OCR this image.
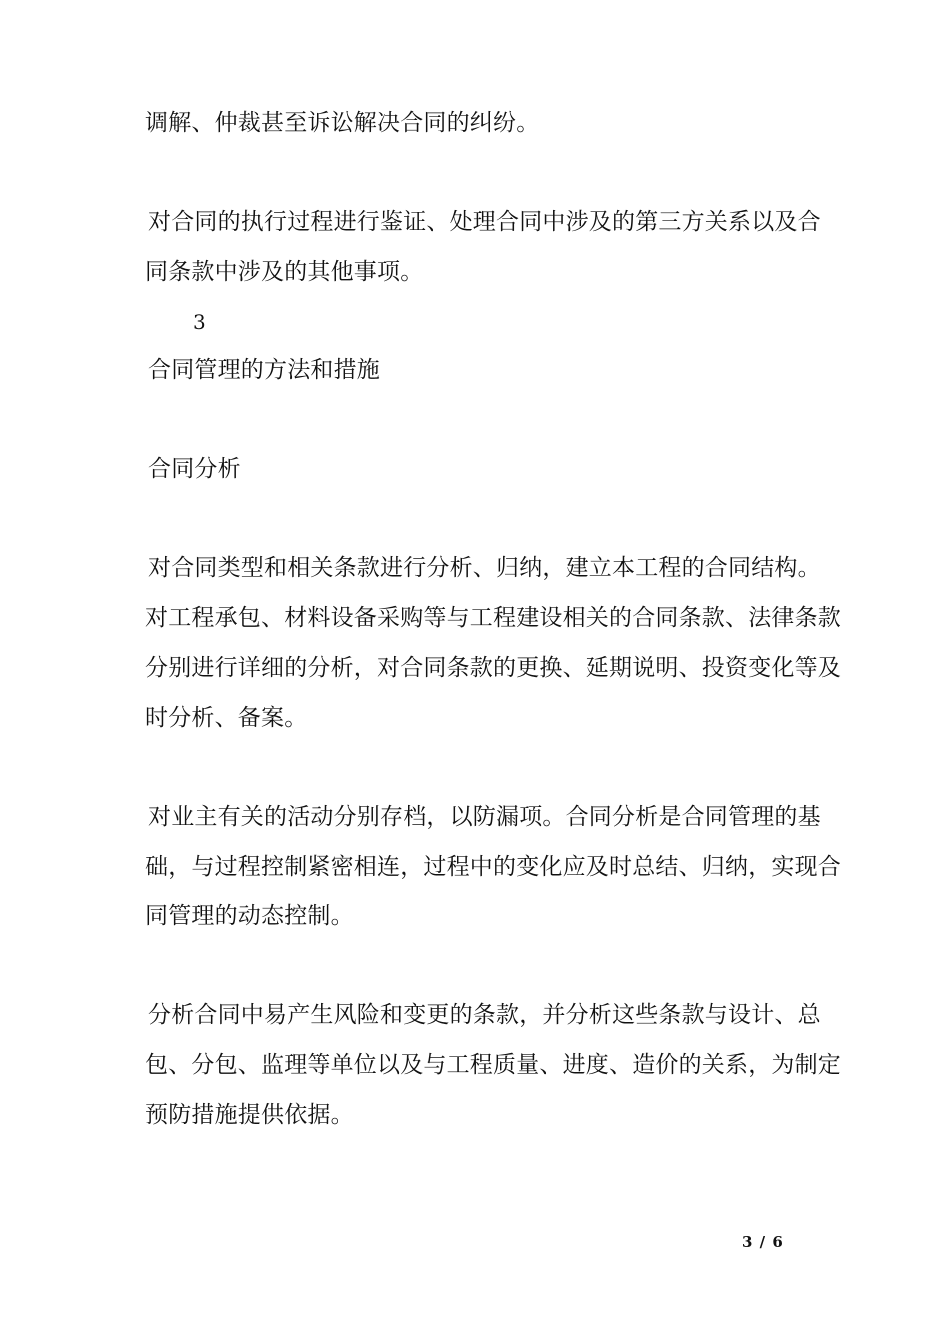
调解、仲裁甚至诉讼解决合同的纠纷。
对合同的执行过程进行鉴证、处理合同中涉及的第三方关系以及合
同条款中涉及的其他事项。
3
合同管理的方法和措施
合同分析
对合同类型和相关条款进行分析、归纳，建立本工程的合同结构。
对工程承包、材料设备采购等与工程建设相关的合同条款、法律条款
分别进行详细的分析，对合同条款的更换、延期说明、投资变化等及
时分析、备案。
对业主有关的活动分别存档，以防漏项。合同分析是合同管理的基
础，与过程控制紧密相连，过程中的变化应及时总结、归纳，实现合
同管理的动态控制。
分析合同中易产生风险和变更的条款，并分析这些条款与设计、总
包、分包、监理等单位以及与工程质量、进度、造价的关系，为制定
预防措施提供依据。
3 / 6
